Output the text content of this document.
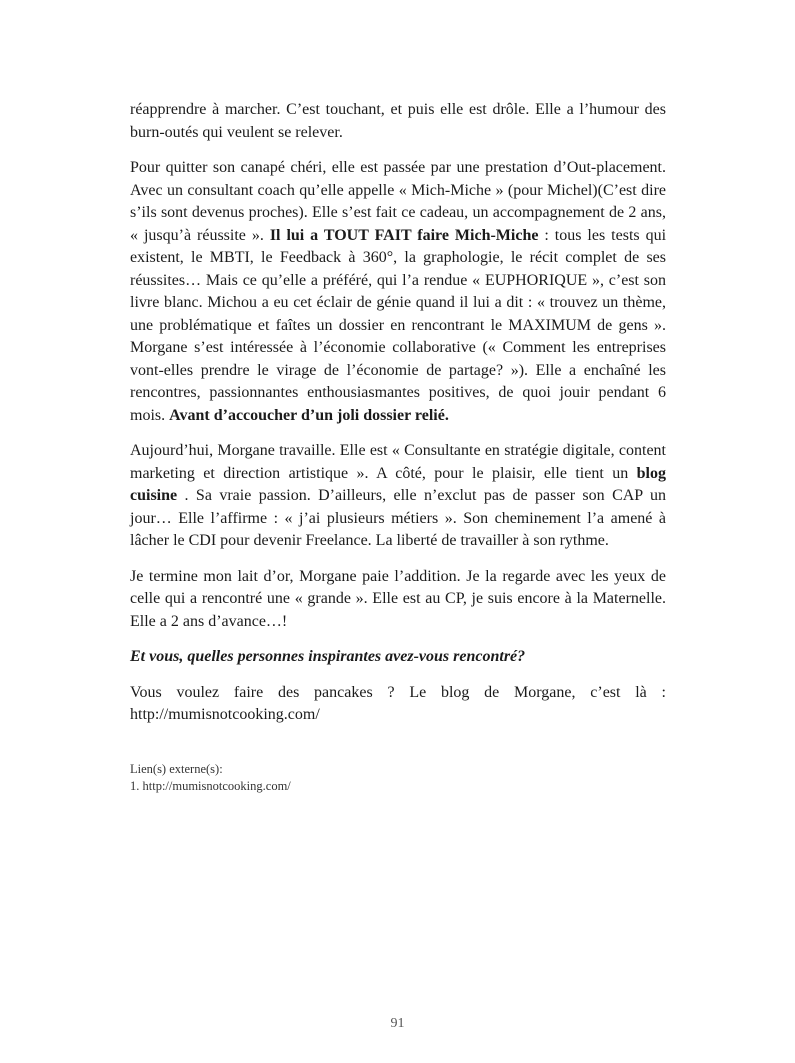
réapprendre à marcher. C’est touchant, et puis elle est drôle. Elle a l’humour des burn-outés qui veulent se relever.

Pour quitter son canapé chéri, elle est passée par une prestation d’Out-placement. Avec un consultant coach qu’elle appelle « Mich-Miche » (pour Michel)(C’est dire s’ils sont devenus proches). Elle s’est fait ce cadeau, un accompagnement de 2 ans, « jusqu’à réussite ». Il lui a TOUT FAIT faire Mich-Miche : tous les tests qui existent, le MBTI, le Feedback à 360°, la graphologie, le récit complet de ses réussites… Mais ce qu’elle a préféré, qui l’a rendue « EUPHORIQUE », c’est son livre blanc. Michou a eu cet éclair de génie quand il lui a dit : « trouvez un thème, une problématique et faîtes un dossier en rencontrant le MAXIMUM de gens ». Morgane s’est intéressée à l’économie collaborative (« Comment les entreprises vont-elles prendre le virage de l’économie de partage? »). Elle a enchaîné les rencontres, passionnantes enthousiasmantes positives, de quoi jouir pendant 6 mois. Avant d’accoucher d’un joli dossier relié.

Aujourd’hui, Morgane travaille. Elle est « Consultante en stratégie digitale, content marketing et direction artistique ». A côté, pour le plaisir, elle tient un blog cuisine . Sa vraie passion. D’ailleurs, elle n’exclut pas de passer son CAP un jour… Elle l’affirme : « j’ai plusieurs métiers ». Son cheminement l’a amené à lâcher le CDI pour devenir Freelance. La liberté de travailler à son rythme.

Je termine mon lait d’or, Morgane paie l’addition. Je la regarde avec les yeux de celle qui a rencontré une « grande ». Elle est au CP, je suis encore à la Maternelle. Elle a 2 ans d’avance…!

Et vous, quelles personnes inspirantes avez-vous rencontré?

Vous voulez faire des pancakes ? Le blog de Morgane, c’est là : http://mumisnotcooking.com/

Lien(s) externe(s):
1. http://mumisnotcooking.com/
91
